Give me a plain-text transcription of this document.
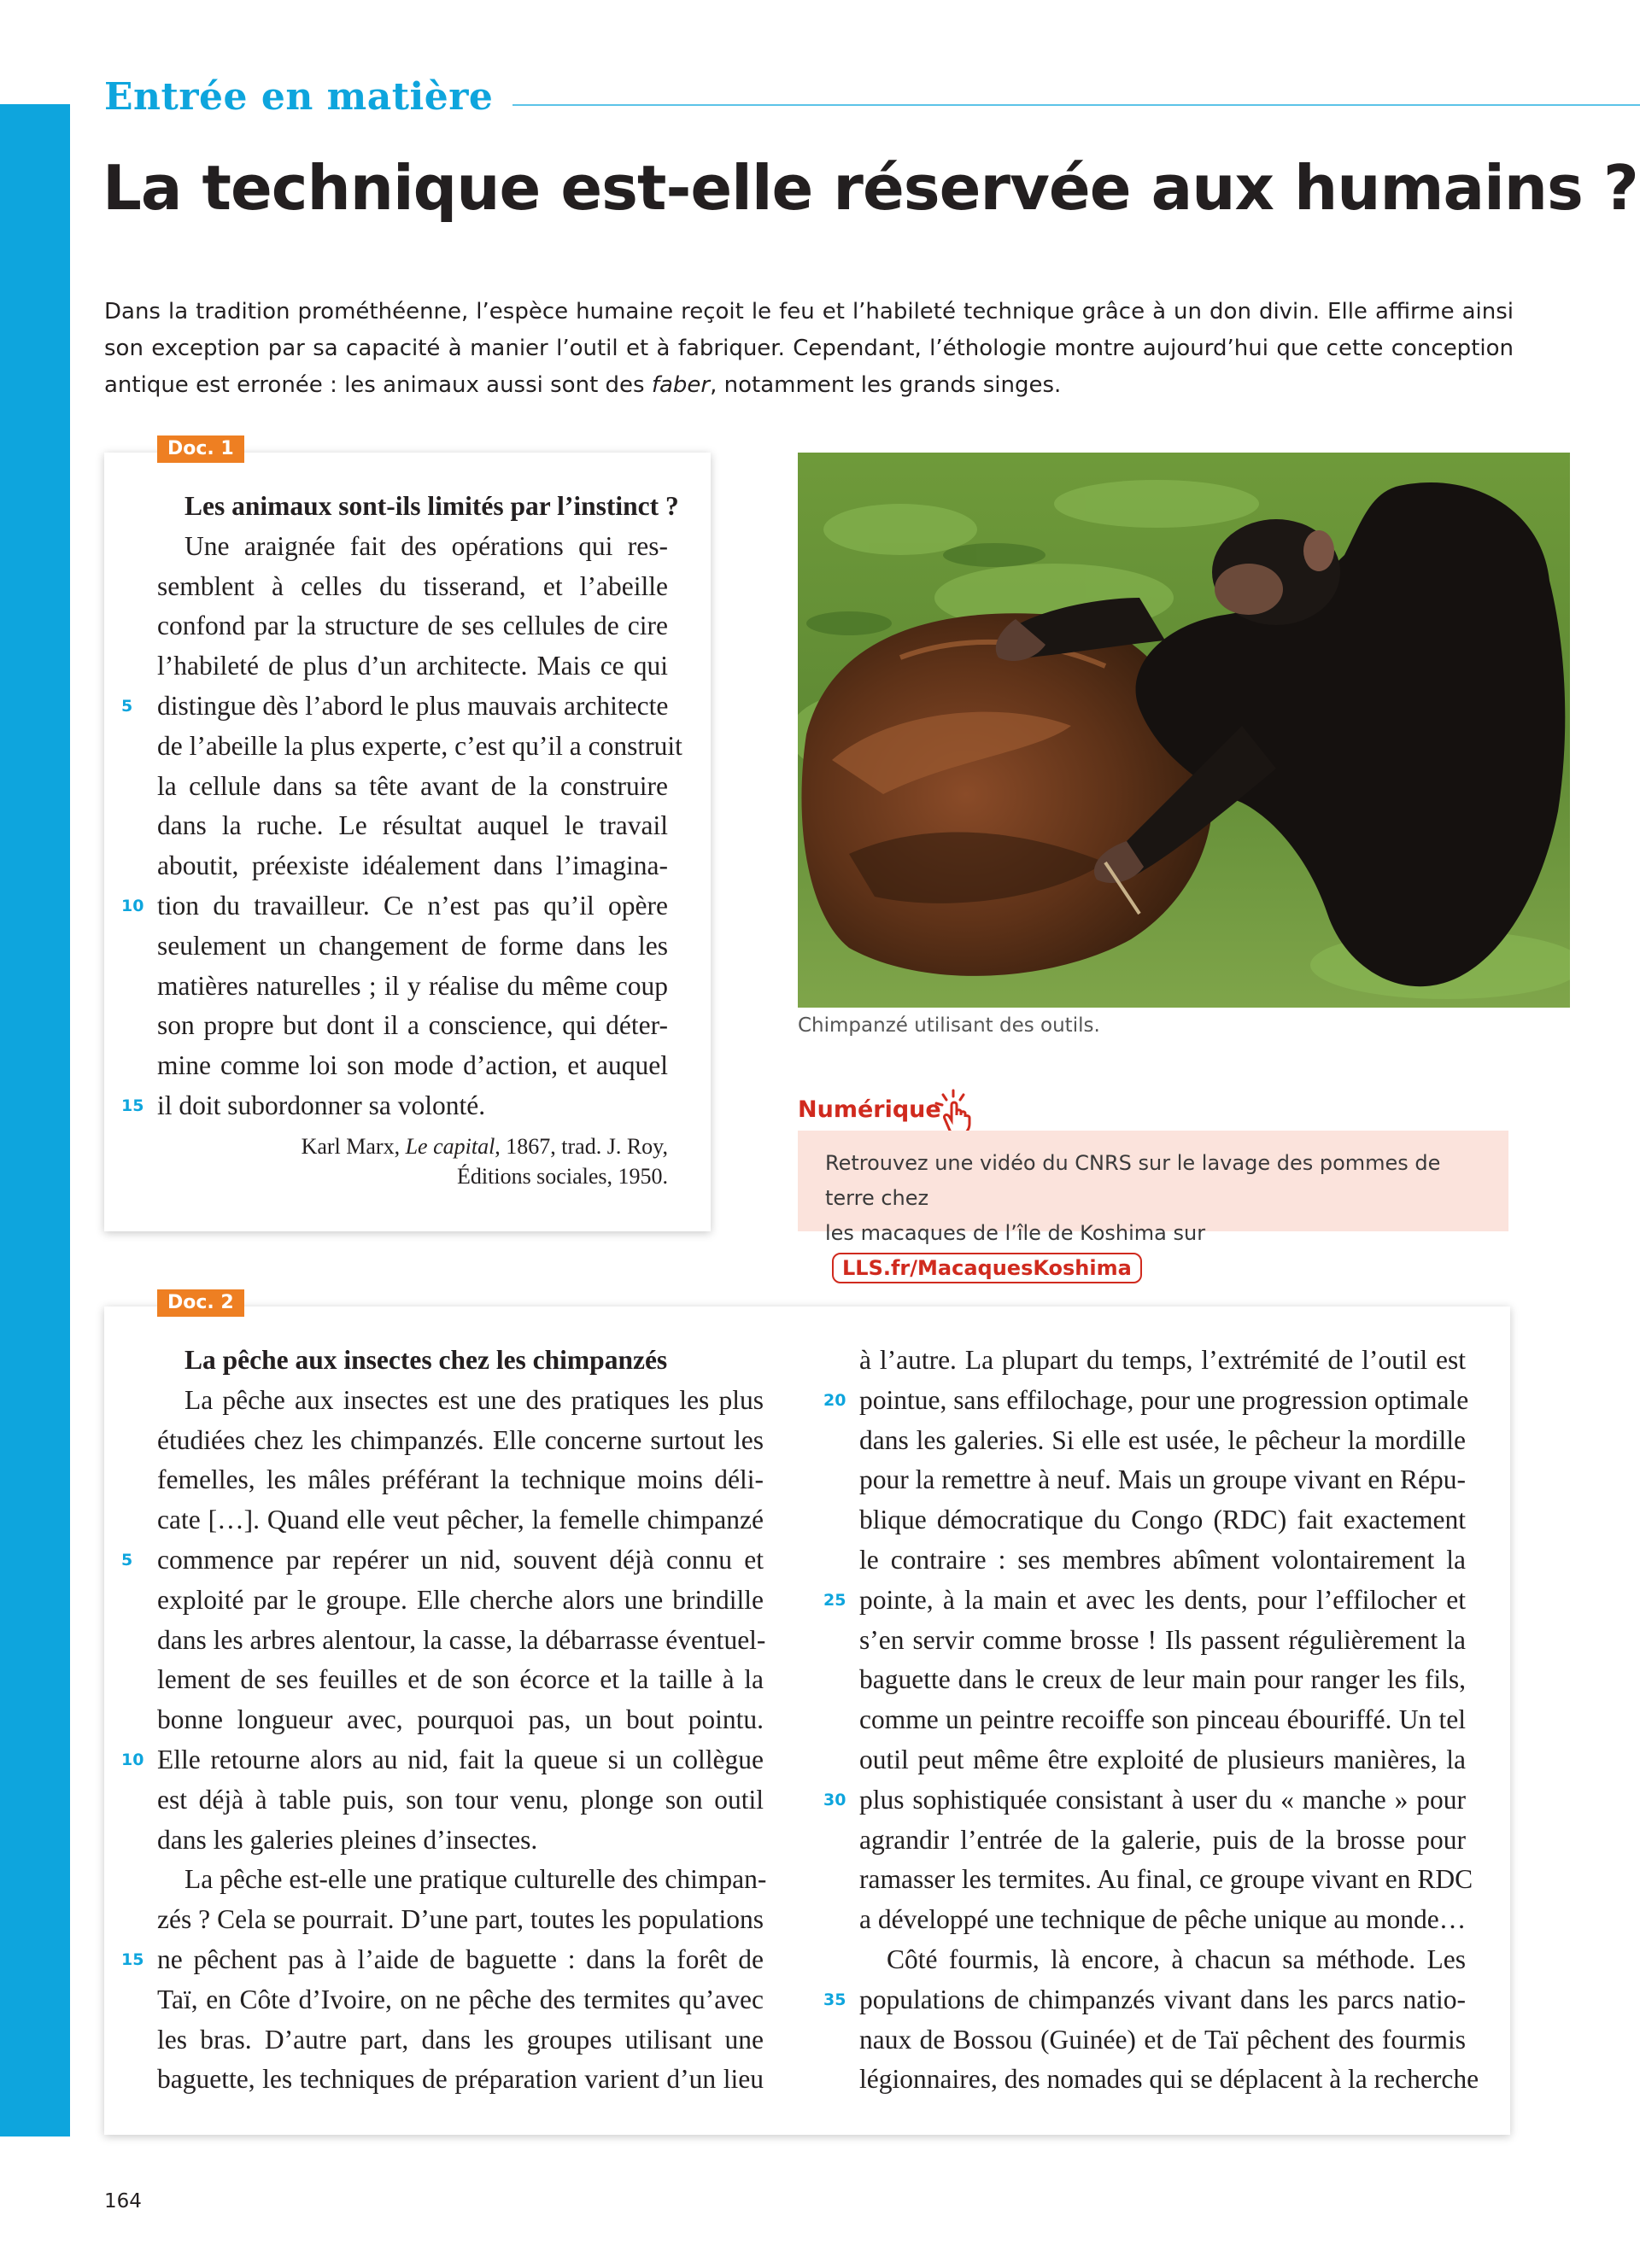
Entrée en matière
La technique est-elle réservée aux humains ?
Dans la tradition prométhéenne, l’espèce humaine reçoit le feu et l’habileté technique grâce à un don divin. Elle affirme ainsi
son exception par sa capacité à manier l’outil et à fabriquer. Cependant, l’éthologie montre aujourd’hui que cette conception
antique est erronée : les animaux aussi sont des faber, notamment les grands singes.
Doc. 1
Les animaux sont-ils limités par l’instinct ?
Une araignée fait des opérations qui res-
semblent à celles du tisserand, et l’abeille
confond par la structure de ses cellules de cire
l’habileté de plus d’un architecte. Mais ce qui
5 distingue dès l’abord le plus mauvais architecte
de l’abeille la plus experte, c’est qu’il a construit
la cellule dans sa tête avant de la construire
dans la ruche. Le résultat auquel le travail
aboutit, préexiste idéalement dans l’imagina-
10 tion du travailleur. Ce n’est pas qu’il opère
seulement un changement de forme dans les
matières naturelles ; il y réalise du même coup
son propre but dont il a conscience, qui déter-
mine comme loi son mode d’action, et auquel
15 il doit subordonner sa volonté.
Karl Marx, Le capital, 1867, trad. J. Roy,
Éditions sociales, 1950.
Chimpanzé utilisant des outils.
Numérique
Retrouvez une vidéo du CNRS sur le lavage des pommes de terre chez
les macaques de l’île de Koshima surLLS.fr/MacaquesKoshima
Doc. 2
La pêche aux insectes chez les chimpanzés
La pêche aux insectes est une des pratiques les plus
étudiées chez les chimpanzés. Elle concerne surtout les
femelles, les mâles préférant la technique moins déli-
cate […]. Quand elle veut pêcher, la femelle chimpanzé
5 commence par repérer un nid, souvent déjà connu et
exploité par le groupe. Elle cherche alors une brindille
dans les arbres alentour, la casse, la débarrasse éventuel-
lement de ses feuilles et de son écorce et la taille à la
bonne longueur avec, pourquoi pas, un bout pointu.
10 Elle retourne alors au nid, fait la queue si un collègue
est déjà à table puis, son tour venu, plonge son outil
dans les galeries pleines d’insectes.
La pêche est-elle une pratique culturelle des chimpan-
zés ? Cela se pourrait. D’une part, toutes les populations
15 ne pêchent pas à l’aide de baguette : dans la forêt de
Taï, en Côte d’Ivoire, on ne pêche des termites qu’avec
les bras. D’autre part, dans les groupes utilisant une
baguette, les techniques de préparation varient d’un lieu
à l’autre. La plupart du temps, l’extrémité de l’outil est
20 pointue, sans effilochage, pour une progression optimale
dans les galeries. Si elle est usée, le pêcheur la mordille
pour la remettre à neuf. Mais un groupe vivant en Répu-
blique démocratique du Congo (RDC) fait exactement
le contraire : ses membres abîment volontairement la
25 pointe, à la main et avec les dents, pour l’effilocher et
s’en servir comme brosse ! Ils passent régulièrement la
baguette dans le creux de leur main pour ranger les fils,
comme un peintre recoiffe son pinceau ébouriffé. Un tel
outil peut même être exploité de plusieurs manières, la
30 plus sophistiquée consistant à user du « manche » pour
agrandir l’entrée de la galerie, puis de la brosse pour
ramasser les termites. Au final, ce groupe vivant en RDC
a développé une technique de pêche unique au monde…
Côté fourmis, là encore, à chacun sa méthode. Les
35 populations de chimpanzés vivant dans les parcs natio-
naux de Bossou (Guinée) et de Taï pêchent des fourmis
légionnaires, des nomades qui se déplacent à la recherche
164
